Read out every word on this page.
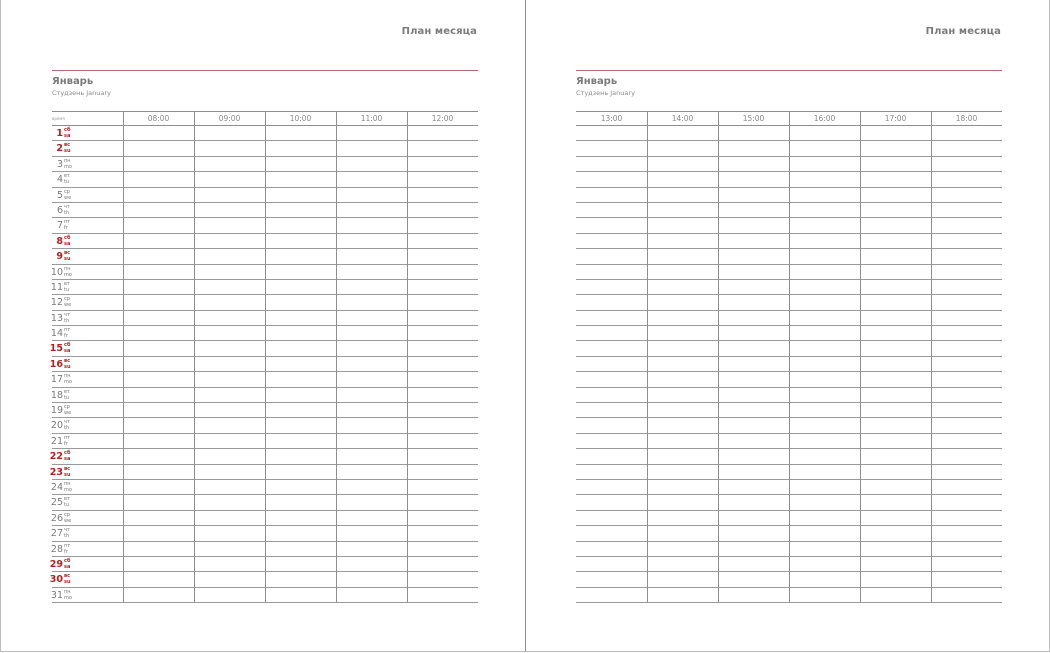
План месяца
Январь
Студзень January
время	08:00	09:00	10:00	11:00	12:00
1 сб
sa
2 вс
su
3 пн
mo
4 вт
tu
5 ср
we
6 чт
th
7 пт
fr
8 сб
sa
9 вс
su
10 пн
mo
11 вт
tu
12 ср
we
13 чт
th
14 пт
fr
15 сб
sa
16 вс
su
17 пн
mo
18 вт
tu
19 ср
we
20 чт
th
21 пт
fr
22 сб
sa
23 вс
su
24 пн
mo
25 вт
tu
26 ср
we
27 чт
th
28 пт
fr
29 сб
sa
30 вс
su
31 пн
mo
План месяца
Январь
Студзень January
13:00	14:00	15:00	16:00	17:00	18:00
